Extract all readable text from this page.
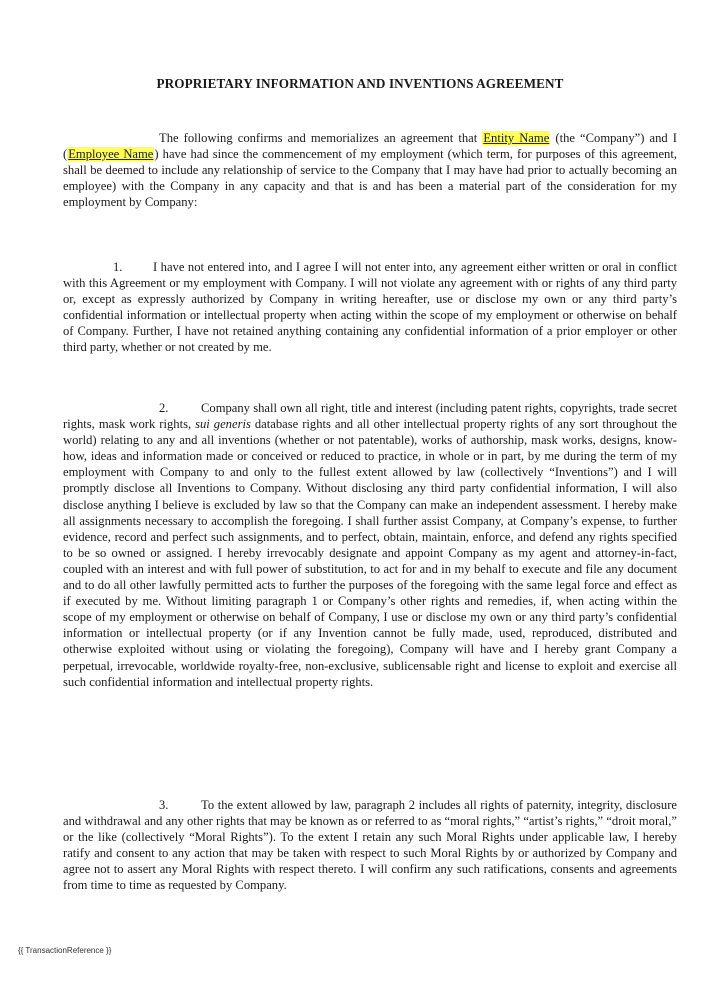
PROPRIETARY INFORMATION AND INVENTIONS AGREEMENT
The following confirms and memorializes an agreement that Entity Name (the “Company”) and I (Employee Name) have had since the commencement of my employment (which term, for purposes of this agreement, shall be deemed to include any relationship of service to the Company that I may have had prior to actually becoming an employee) with the Company in any capacity and that is and has been a material part of the consideration for my employment by Company:
1. I have not entered into, and I agree I will not enter into, any agreement either written or oral in conflict with this Agreement or my employment with Company. I will not violate any agreement with or rights of any third party or, except as expressly authorized by Company in writing hereafter, use or disclose my own or any third party’s confidential information or intellectual property when acting within the scope of my employment or otherwise on behalf of Company. Further, I have not retained anything containing any confidential information of a prior employer or other third party, whether or not created by me.
2.	Company shall own all right, title and interest (including patent rights, copyrights, trade secret rights, mask work rights, sui generis database rights and all other intellectual property rights of any sort throughout the world) relating to any and all inventions (whether or not patentable), works of authorship, mask works, designs, know-how, ideas and information made or conceived or reduced to practice, in whole or in part, by me during the term of my employment with Company to and only to the fullest extent allowed by law (collectively “Inventions”) and I will promptly disclose all Inventions to Company. Without disclosing any third party confidential information, I will also disclose anything I believe is excluded by law so that the Company can make an independent assessment. I hereby make all assignments necessary to accomplish the foregoing. I shall further assist Company, at Company’s expense, to further evidence, record and perfect such assignments, and to perfect, obtain, maintain, enforce, and defend any rights specified to be so owned or assigned. I hereby irrevocably designate and appoint Company as my agent and attorney-in-fact, coupled with an interest and with full power of substitution, to act for and in my behalf to execute and file any document and to do all other lawfully permitted acts to further the purposes of the foregoing with the same legal force and effect as if executed by me. Without limiting paragraph 1 or Company’s other rights and remedies, if, when acting within the scope of my employment or otherwise on behalf of Company, I use or disclose my own or any third party’s confidential information or intellectual property (or if any Invention cannot be fully made, used, reproduced, distributed and otherwise exploited without using or violating the foregoing), Company will have and I hereby grant Company a perpetual, irrevocable, worldwide royalty-free, non-exclusive, sublicensable right and license to exploit and exercise all such confidential information and intellectual property rights.
3.	To the extent allowed by law, paragraph 2 includes all rights of paternity, integrity, disclosure and withdrawal and any other rights that may be known as or referred to as “moral rights,” “artist’s rights,” “droit moral,” or the like (collectively “Moral Rights”). To the extent I retain any such Moral Rights under applicable law, I hereby ratify and consent to any action that may be taken with respect to such Moral Rights by or authorized by Company and agree not to assert any Moral Rights with respect thereto. I will confirm any such ratifications, consents and agreements from time to time as requested by Company.
{{ TransactionReference }}
